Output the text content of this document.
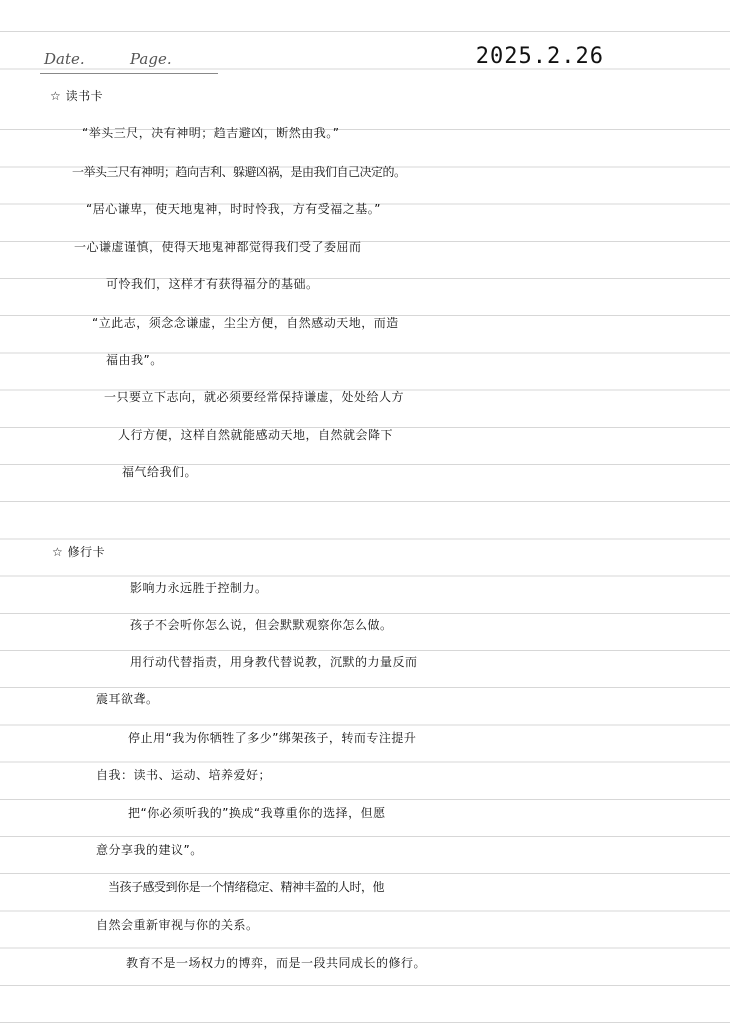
Date.	Page.	2025.2.26
☆ 读书卡
“举头三尺，决有神明；趋吉避凶，断然由我。”
一举头三尺有神明；趋向吉利、躲避凶祸，是由我们自己决定的。
“居心谦卑，使天地鬼神，时时怜我，方有受福之基。”
一心谦虚谨慎，使得天地鬼神都觉得我们受了委屈而
可怜我们，这样才有获得福分的基础。
“立此志，须念念谦虚，尘尘方便，自然感动天地，而造
福由我”。
一只要立下志向，就必须要经常保持谦虚，处处给人方
人行方便，这样自然就能感动天地，自然就会降下
福气给我们。
☆ 修行卡
影响力永远胜于控制力。
孩子不会听你怎么说，但会默默观察你怎么做。
用行动代替指责，用身教代替说教，沉默的力量反而
震耳欲聋。
停止用“我为你牺牲了多少”绑架孩子，转而专注提升
自我：读书、运动、培养爱好；
把“你必须听我的”换成“我尊重你的选择，但愿
意分享我的建议”。
当孩子感受到你是一个情绪稳定、精神丰盈的人时，他
自然会重新审视与你的关系。
教育不是一场权力的博弈，而是一段共同成长的修行。
